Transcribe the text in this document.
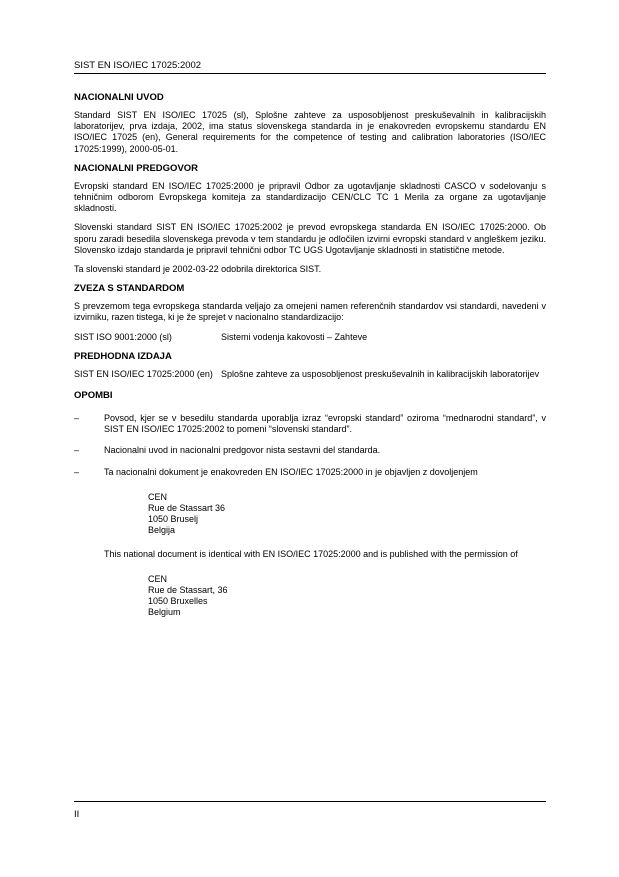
SIST EN ISO/IEC 17025:2002
NACIONALNI UVOD

Standard SIST EN ISO/IEC 17025 (sl), Splošne zahteve za usposobljenost preskuševalnih in kalibracijskih laboratorijev, prva izdaja, 2002, ima status slovenskega standarda in je enakovreden evropskemu standardu EN ISO/IEC 17025 (en), General requirements for the competence of testing and calibration laboratories (ISO/IEC 17025:1999), 2000-05-01.

NACIONALNI PREDGOVOR

Evropski standard EN ISO/IEC 17025:2000 je pripravil Odbor za ugotavljanje skladnosti CASCO v sodelovanju s tehničnim odborom Evropskega komiteja za standardizacijo CEN/CLC TC 1 Merila za organe za ugotavljanje skladnosti.

Slovenski standard SIST EN ISO/IEC 17025:2002 je prevod evropskega standarda EN ISO/IEC 17025:2000. Ob sporu zaradi besedila slovenskega prevoda v tem standardu je odločilen izvirni evropski standard v angleškem jeziku. Slovensko izdajo standarda je pripravil tehnični odbor TC UGS Ugotavljanje skladnosti in statistične metode.

Ta slovenski standard je 2002-03-22 odobrila direktorica SIST.

ZVEZA S STANDARDOM

S prevzemom tega evropskega standarda veljajo za omejeni namen referenčnih standardov vsi standardi, navedeni v izvirniku, razen tistega, ki je že sprejet v nacionalno standardizacijo:

SIST ISO 9001:2000 (sl)	Sistemi vodenja kakovosti – Zahteve
PREDHODNA IZDAJA
SIST EN ISO/IEC 17025:2000 (en) Splošne zahteve za usposobljenost preskuševalnih in kalibracijskih laboratorijev
OPOMBI
–	Povsod, kjer se v besedilu standarda uporablja izraz “evropski standard” oziroma “mednarodni standard”, v SIST EN ISO/IEC 17025:2002 to pomeni “slovenski standard”.
–	Nacionalni uvod in nacionalni predgovor nista sestavni del standarda.
–	Ta nacionalni dokument je enakovreden EN ISO/IEC 17025:2000 in je objavljen z dovoljenjem
CEN
Rue de Stassart 36
1050 Bruselj
Belgija

This national document is identical with EN ISO/IEC 17025:2000 and is published with the permission of

CEN
Rue de Stassart, 36
1050 Bruxelles
Belgium
II
